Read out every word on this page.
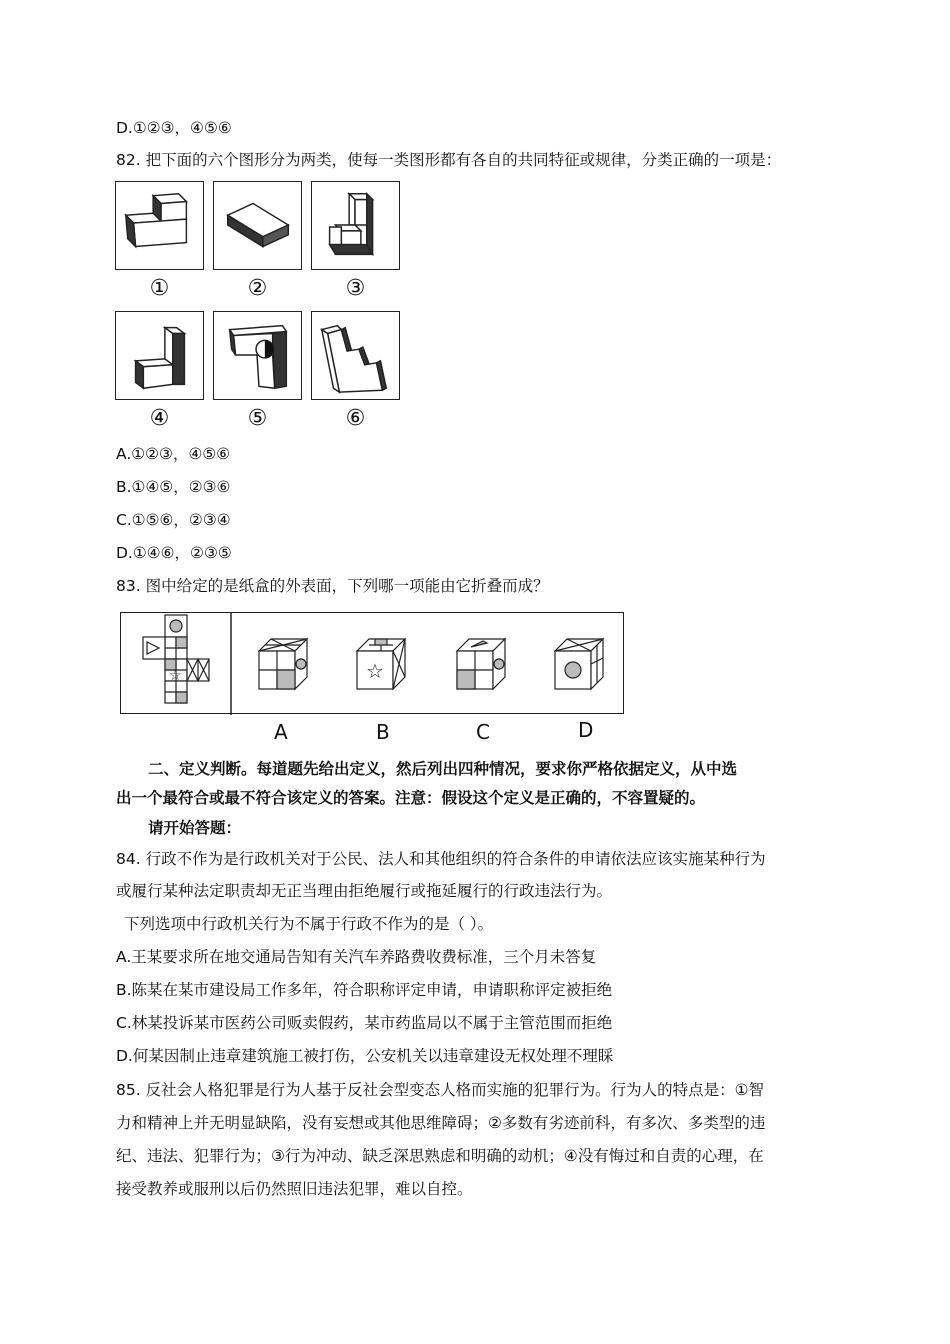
D.①②③，④⑤⑥
82. 把下面的六个图形分为两类，使每一类图形都有各自的共同特征或规律，分类正确的一项是：
①	②	③
④	⑤	⑥
A.①②③，④⑤⑥
B.①④⑤，②③⑥
C.①⑤⑥，②③④
D.①④⑥，②③⑤
83. 图中给定的是纸盒的外表面，下列哪一项能由它折叠而成？
☆	☆
A	B	C	D
二、定义判断。每道题先给出定义，然后列出四种情况，要求你严格依据定义，从中选
出一个最符合或最不符合该定义的答案。注意：假设这个定义是正确的，不容置疑的。
请开始答题：
84. 行政不作为是行政机关对于公民、法人和其他组织的符合条件的申请依法应该实施某种行为
或履行某种法定职责却无正当理由拒绝履行或拖延履行的行政违法行为。
下列选项中行政机关行为不属于行政不作为的是（ ）。
A.王某要求所在地交通局告知有关汽车养路费收费标准，三个月未答复
B.陈某在某市建设局工作多年，符合职称评定申请，申请职称评定被拒绝
C.林某投诉某市医药公司贩卖假药，某市药监局以不属于主管范围而拒绝
D.何某因制止违章建筑施工被打伤，公安机关以违章建设无权处理不理睬
85. 反社会人格犯罪是行为人基于反社会型变态人格而实施的犯罪行为。行为人的特点是：①智
力和精神上并无明显缺陷，没有妄想或其他思维障碍；②多数有劣迹前科，有多次、多类型的违
纪、违法、犯罪行为；③行为冲动、缺乏深思熟虑和明确的动机；④没有悔过和自责的心理，在
接受教养或服刑以后仍然照旧违法犯罪，难以自控。
